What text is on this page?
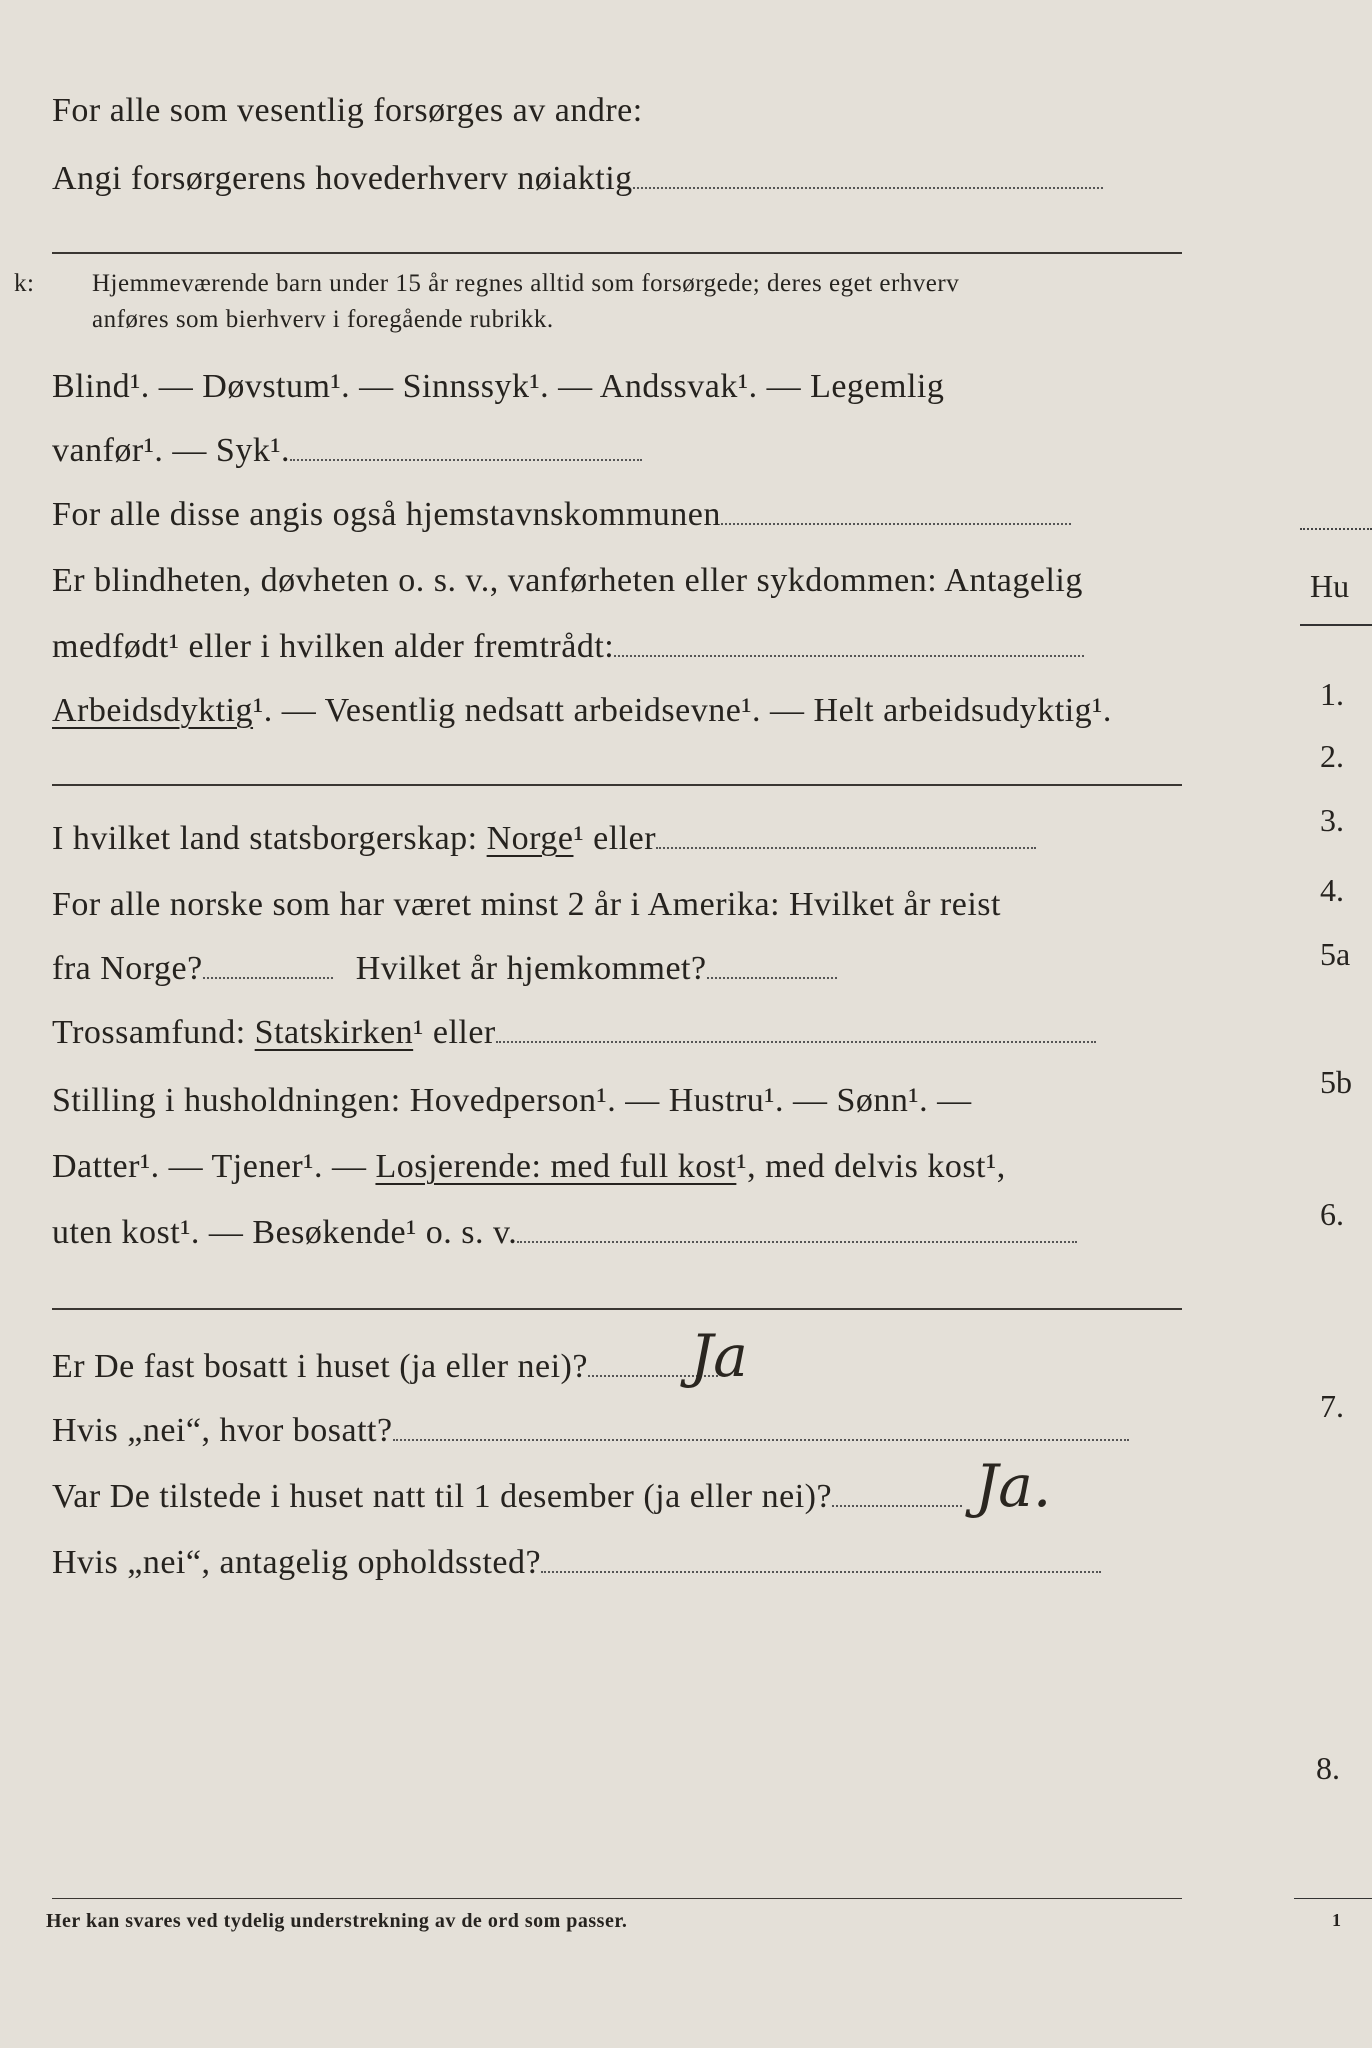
For alle som vesentlig forsørges av andre:
Angi forsørgerens hovederhverv nøiaktig
k:	Hjemmeværende barn under 15 år regnes alltid som forsørgede; deres eget erhverv
anføres som bierhverv i foregående rubrikk.
Blind¹. — Døvstum¹. — Sinnssyk¹. — Andssvak¹. — Legemlig
vanfør¹. — Syk¹.
For alle disse angis også hjemstavnskommunen
Er blindheten, døvheten o. s. v., vanførheten eller sykdommen: Antagelig
medfødt¹ eller i hvilken alder fremtrådt:
Arbeidsdyktig¹. — Vesentlig nedsatt arbeidsevne¹. — Helt arbeidsudyktig¹.
I hvilket land statsborgerskap: Norge¹ eller
For alle norske som har været minst 2 år i Amerika: Hvilket år reist
fra Norge?	Hvilket år hjemkommet?
Trossamfund: Statskirken¹ eller
Stilling i husholdningen: Hovedperson¹. — Hustru¹. — Sønn¹. —
Datter¹. — Tjener¹. — Losjerende: med full kost¹, med delvis kost¹,
uten kost¹. — Besøkende¹ o. s. v.
Er De fast bosatt i huset (ja eller nei)?	Ja
Hvis „nei“, hvor bosatt?
Var De tilstede i huset natt til 1 desember (ja eller nei)?	Ja.
Hvis „nei“, antagelig opholdssted?
Her kan svares ved tydelig understrekning av de ord som passer.
Hu
1.
2.
3.
4.
5a
5b
6.
7.
8.
1
